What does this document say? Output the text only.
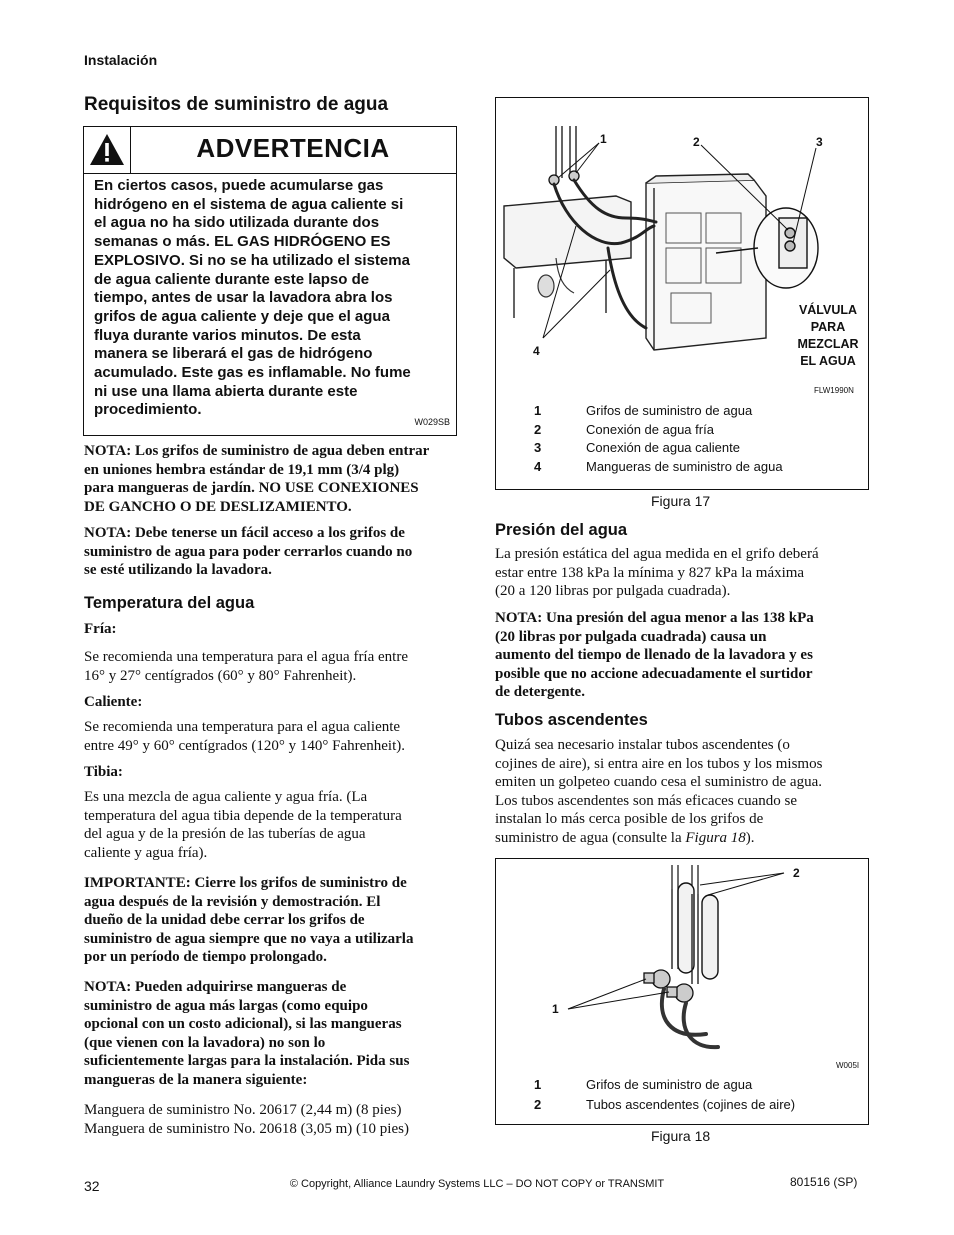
Instalación
Requisitos de suministro de agua
ADVERTENCIA
En ciertos casos, puede acumularse gas
hidrógeno en el sistema de agua caliente si
el agua no ha sido utilizada durante dos
semanas o más. EL GAS HIDRÓGENO ES
EXPLOSIVO. Si no se ha utilizado el sistema
de agua caliente durante este lapso de
tiempo, antes de usar la lavadora abra los
grifos de agua caliente y deje que el agua
fluya durante varios minutos. De esta
manera se liberará el gas de hidrógeno
acumulado. Este gas es inflamable. No fume
ni use una llama abierta durante este
procedimiento.
W029SB
NOTA: Los grifos de suministro de agua deben entrar
en uniones hembra estándar de 19,1 mm (3/4 plg)
para mangueras de jardín. NO USE CONEXIONES
DE GANCHO O DE DESLIZAMIENTO.
NOTA: Debe tenerse un fácil acceso a los grifos de
suministro de agua para poder cerrarlos cuando no
se esté utilizando la lavadora.
Temperatura del agua
Fría:
Se recomienda una temperatura para el agua fría entre
16° y 27° centígrados (60° y 80° Fahrenheit).
Caliente:
Se recomienda una temperatura para el agua caliente
entre 49° y 60° centígrados (120° y 140° Fahrenheit).
Tibia:
Es una mezcla de agua caliente y agua fría. (La
temperatura del agua tibia depende de la temperatura
del agua y de la presión de las tuberías de agua
caliente y agua fría).
IMPORTANTE: Cierre los grifos de suministro de
agua después de la revisión y demostración. El
dueño de la unidad debe cerrar los grifos de
suministro de agua siempre que no vaya a utilizarla
por un período de tiempo prolongado.
NOTA: Pueden adquirirse mangueras de
suministro de agua más largas (como equipo
opcional con un costo adicional), si las mangueras
(que vienen con la lavadora) no son lo
suficientemente largas para la instalación. Pida sus
mangueras de la manera siguiente:
Manguera de suministro No. 20617 (2,44 m) (8 pies)
Manguera de suministro No. 20618 (3,05 m) (10 pies)
1	2	3
4
VÁLVULA
PARA
MEZCLAR
EL AGUA
FLW1990N
1	Grifos de suministro de agua
2	Conexión de agua fría
3	Conexión de agua caliente
4	Mangueras de suministro de agua
Figura 17
Presión del agua
La presión estática del agua medida en el grifo deberá
estar entre 138 kPa la mínima y 827 kPa la máxima
(20 a 120 libras por pulgada cuadrada).
NOTA: Una presión del agua menor a las 138 kPa
(20 libras por pulgada cuadrada) causa un
aumento del tiempo de llenado de la lavadora y es
posible que no accione adecuadamente el surtidor
de detergente.
Tubos ascendentes
Quizá sea necesario instalar tubos ascendentes (o
cojines de aire), si entra aire en los tubos y los mismos
emiten un golpeteo cuando cesa el suministro de agua.
Los tubos ascendentes son más eficaces cuando se
instalan lo más cerca posible de los grifos de
suministro de agua (consulte la Figura 18).
2
1
W005I
1	Grifos de suministro de agua
2	Tubos ascendentes (cojines de aire)
Figura 18
32	© Copyright, Alliance Laundry Systems LLC – DO NOT COPY or TRANSMIT	801516 (SP)
